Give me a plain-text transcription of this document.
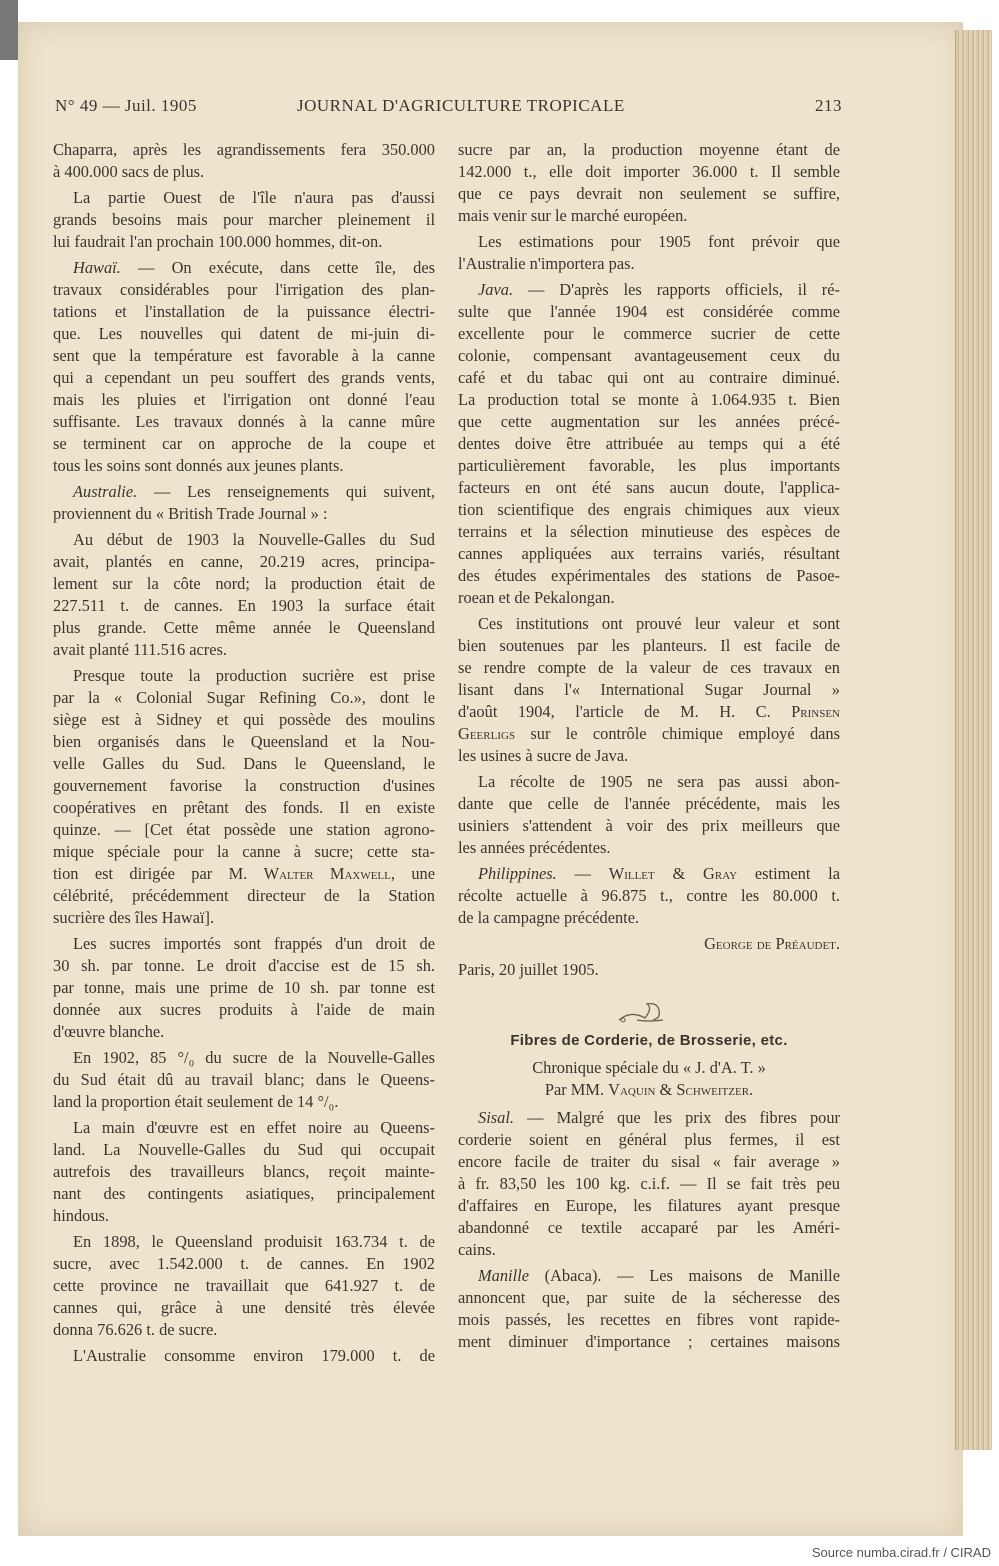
N° 49 — Juil. 1905	JOURNAL D'AGRICULTURE TROPICALE	213
Chaparra, après les agrandissements fera 350.000
à 400.000 sacs de plus.
La partie Ouest de l'île n'aura pas d'aussi
grands besoins mais pour marcher pleinement il
lui faudrait l'an prochain 100.000 hommes, dit-on.
Hawaï. — On exécute, dans cette île, des
travaux considérables pour l'irrigation des plan-
tations et l'installation de la puissance électri-
que. Les nouvelles qui datent de mi-juin di-
sent que la température est favorable à la canne
qui a cependant un peu souffert des grands vents,
mais les pluies et l'irrigation ont donné l'eau
suffisante. Les travaux donnés à la canne mûre
se terminent car on approche de la coupe et
tous les soins sont donnés aux jeunes plants.
Australie. — Les renseignements qui suivent,
proviennent du « British Trade Journal » :
Au début de 1903 la Nouvelle-Galles du Sud
avait, plantés en canne, 20.219 acres, principa-
lement sur la côte nord; la production était de
227.511 t. de cannes. En 1903 la surface était
plus grande. Cette même année le Queensland
avait planté 111.516 acres.
Presque toute la production sucrière est prise
par la « Colonial Sugar Refining Co.», dont le
siège est à Sidney et qui possède des moulins
bien organisés dans le Queensland et la Nou-
velle Galles du Sud. Dans le Queensland, le
gouvernement favorise la construction d'usines
coopératives en prêtant des fonds. Il en existe
quinze. — [Cet état possède une station agrono-
mique spéciale pour la canne à sucre; cette sta-
tion est dirigée par M. Walter Maxwell, une
célébrité, précédemment directeur de la Station
sucrière des îles Hawaï].
Les sucres importés sont frappés d'un droit de
30 sh. par tonne. Le droit d'accise est de 15 sh.
par tonne, mais une prime de 10 sh. par tonne est
donnée aux sucres produits à l'aide de main
d'œuvre blanche.
En 1902, 85 °/₀ du sucre de la Nouvelle-Galles
du Sud était dû au travail blanc; dans le Queens-
land la proportion était seulement de 14 °/₀.
La main d'œuvre est en effet noire au Queens-
land. La Nouvelle-Galles du Sud qui occupait
autrefois des travailleurs blancs, reçoit mainte-
nant des contingents asiatiques, principalement
hindous.
En 1898, le Queensland produisit 163.734 t. de
sucre, avec 1.542.000 t. de cannes. En 1902
cette province ne travaillait que 641.927 t. de
cannes qui, grâce à une densité très élevée
donna 76.626 t. de sucre.
L'Australie consomme environ 179.000 t. de
sucre par an, la production moyenne étant de
142.000 t., elle doit importer 36.000 t. Il semble
que ce pays devrait non seulement se suffire,
mais venir sur le marché européen.
Les estimations pour 1905 font prévoir que
l'Australie n'importera pas.
Java. — D'après les rapports officiels, il ré-
sulte que l'année 1904 est considérée comme
excellente pour le commerce sucrier de cette
colonie, compensant avantageusement ceux du
café et du tabac qui ont au contraire diminué.
La production total se monte à 1.064.935 t. Bien
que cette augmentation sur les années précé-
dentes doive être attribuée au temps qui a été
particulièrement favorable, les plus importants
facteurs en ont été sans aucun doute, l'applica-
tion scientifique des engrais chimiques aux vieux
terrains et la sélection minutieuse des espèces de
cannes appliquées aux terrains variés, résultant
des études expérimentales des stations de Pasoe-
roean et de Pekalongan.
Ces institutions ont prouvé leur valeur et sont
bien soutenues par les planteurs. Il est facile de
se rendre compte de la valeur de ces travaux en
lisant dans l'« International Sugar Journal »
d'août 1904, l'article de M. H. C. Prinsen
Geerligs sur le contrôle chimique employé dans
les usines à sucre de Java.
La récolte de 1905 ne sera pas aussi abon-
dante que celle de l'année précédente, mais les
usiniers s'attendent à voir des prix meilleurs que
les années précédentes.
Philippines. — Willet & Gray estiment la
récolte actuelle à 96.875 t., contre les 80.000 t.
de la campagne précédente.
George de Préaudet.
Paris, 20 juillet 1905.
Fibres de Corderie, de Brosserie, etc.
Chronique spéciale du « J. d'A. T. »
Par MM. Vaquin & Schweitzer.
Sisal. — Malgré que les prix des fibres pour
corderie soient en général plus fermes, il est
encore facile de traiter du sisal « fair average »
à fr. 83,50 les 100 kg. c.i.f. — Il se fait très peu
d'affaires en Europe, les filatures ayant presque
abandonné ce textile accaparé par les Améri-
cains.
Manille (Abaca). — Les maisons de Manille
annoncent que, par suite de la sécheresse des
mois passés, les recettes en fibres vont rapide-
ment diminuer d'importance ; certaines maisons
Source numba.cirad.fr / CIRAD
